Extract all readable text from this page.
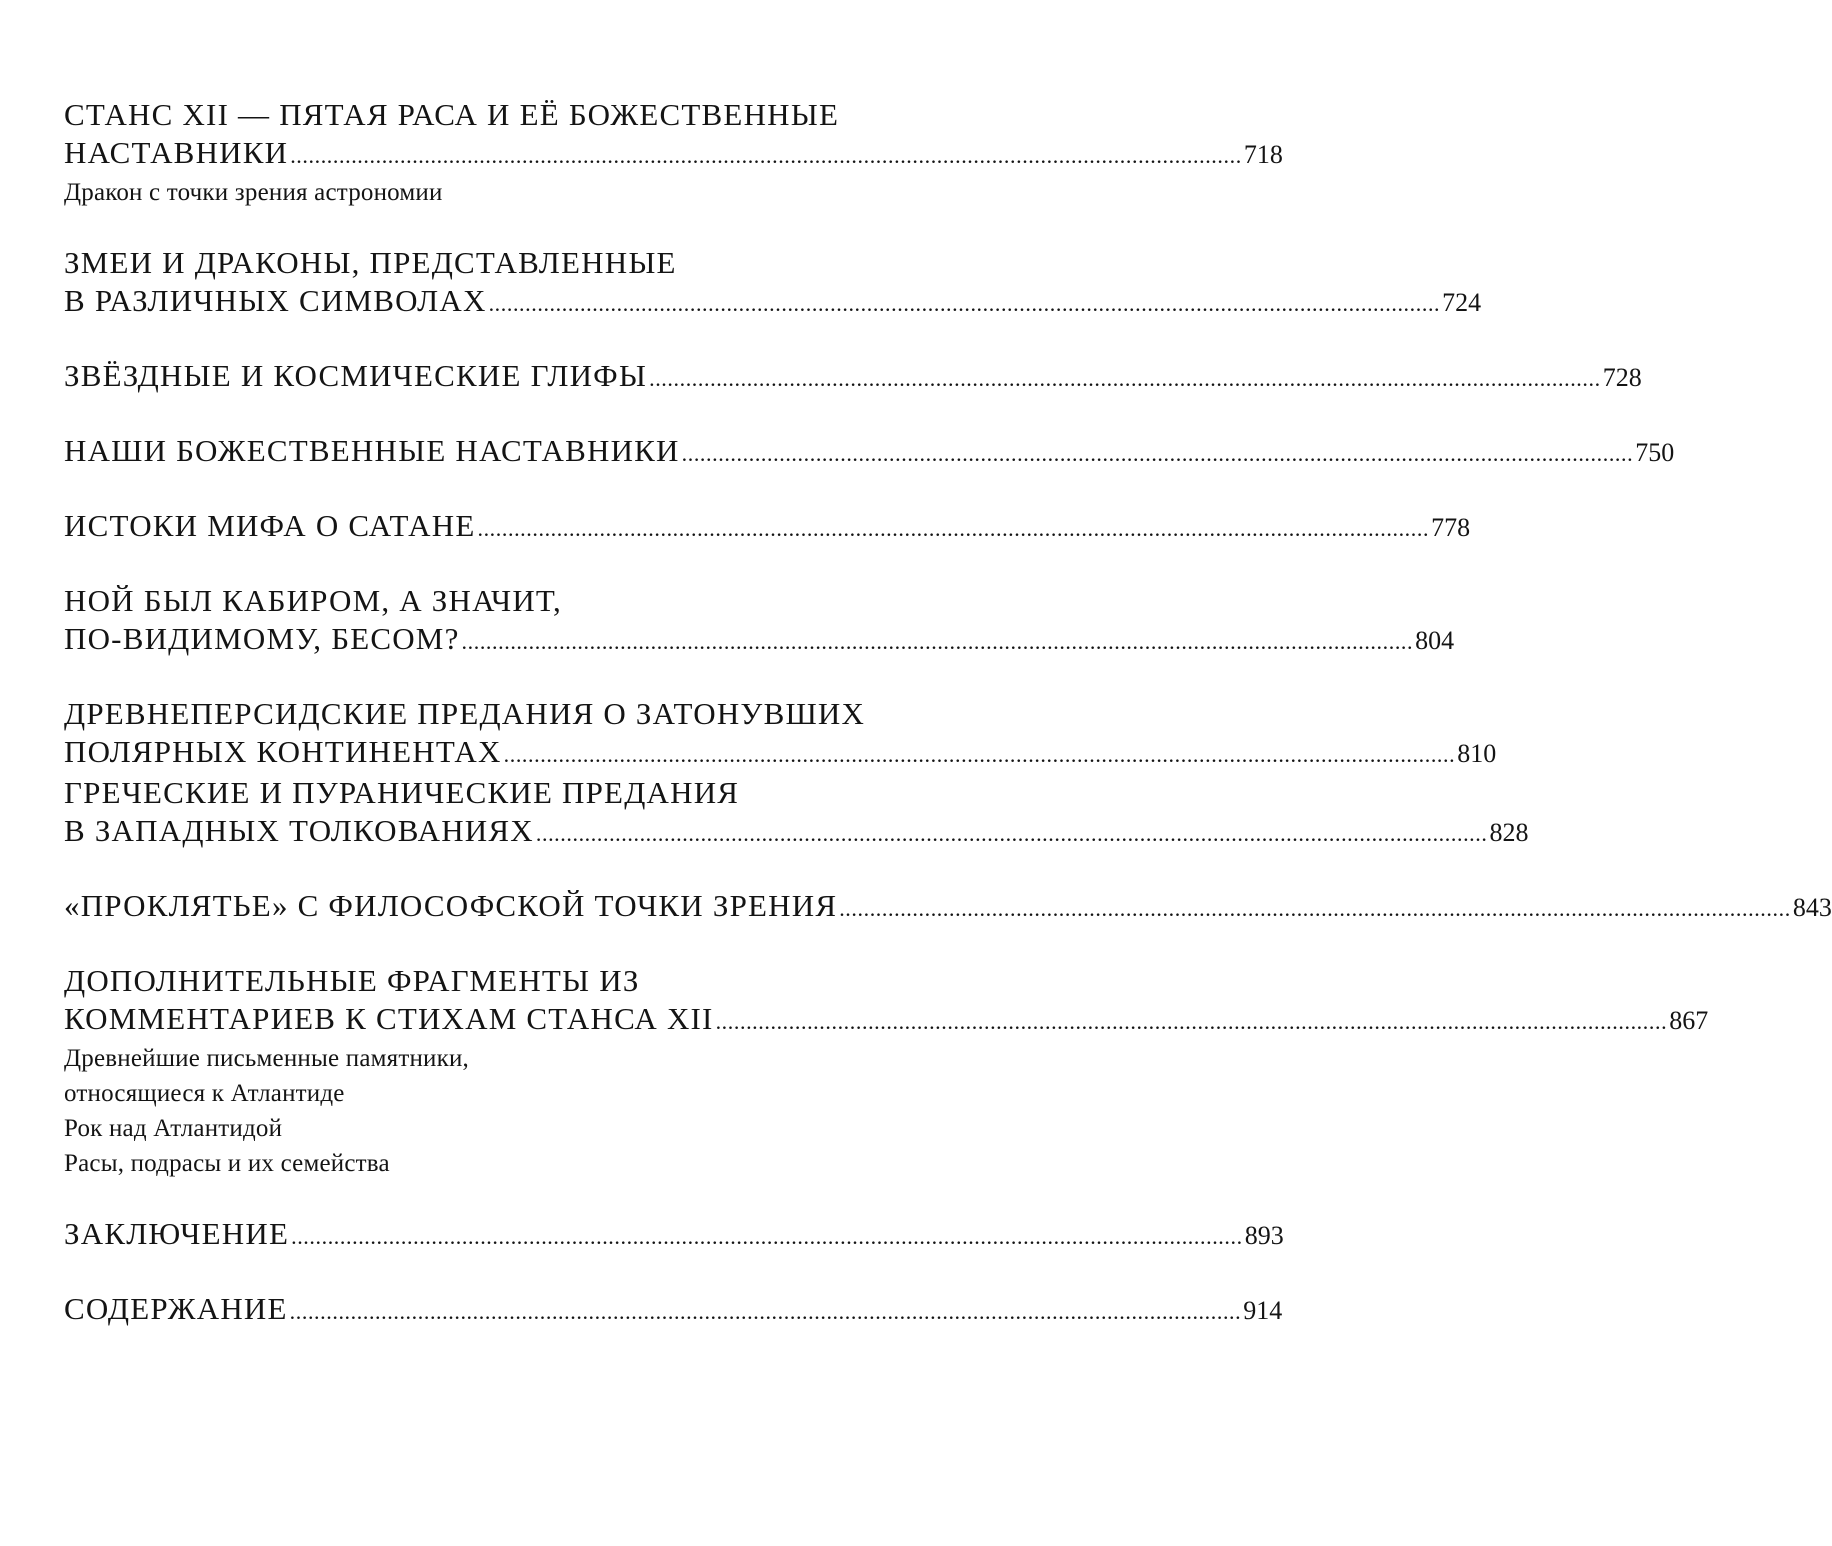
СТАНС XII — ПЯТАЯ РАСА И ЕЁ БОЖЕСТВЕННЫЕ
НАСТАВНИКИ ............................................................................................................................................................ 718
Дракон с точки зрения астрономии
ЗМЕИ И ДРАКОНЫ, ПРЕДСТАВЛЕННЫЕ
В РАЗЛИЧНЫХ СИМВОЛАХ ............................................................................................................................................................ 724
ЗВЁЗДНЫЕ И КОСМИЧЕСКИЕ ГЛИФЫ ............................................................................................................................................................ 728
НАШИ БОЖЕСТВЕННЫЕ НАСТАВНИКИ ............................................................................................................................................................ 750
ИСТОКИ МИФА О САТАНЕ ............................................................................................................................................................ 778
НОЙ БЫЛ КАБИРОМ, А ЗНАЧИТ,
ПО-ВИДИМОМУ, БЕСОМ? ............................................................................................................................................................ 804
ДРЕВНЕПЕРСИДСКИЕ ПРЕДАНИЯ О ЗАТОНУВШИХ
ПОЛЯРНЫХ КОНТИНЕНТАХ ............................................................................................................................................................ 810
ГРЕЧЕСКИЕ И ПУРАНИЧЕСКИЕ ПРЕДАНИЯ
В ЗАПАДНЫХ ТОЛКОВАНИЯХ ............................................................................................................................................................ 828
«ПРОКЛЯТЬЕ» С ФИЛОСОФСКОЙ ТОЧКИ ЗРЕНИЯ ............................................................................................................................................................ 843
ДОПОЛНИТЕЛЬНЫЕ ФРАГМЕНТЫ ИЗ
КОММЕНТАРИЕВ К СТИХАМ СТАНСА XII ............................................................................................................................................................ 867
Древнейшие письменные памятники,
относящиеся к Атлантиде
Рок над Атлантидой
Расы, подрасы и их семейства
ЗАКЛЮЧЕНИЕ ............................................................................................................................................................ 893
СОДЕРЖАНИЕ ............................................................................................................................................................ 914
